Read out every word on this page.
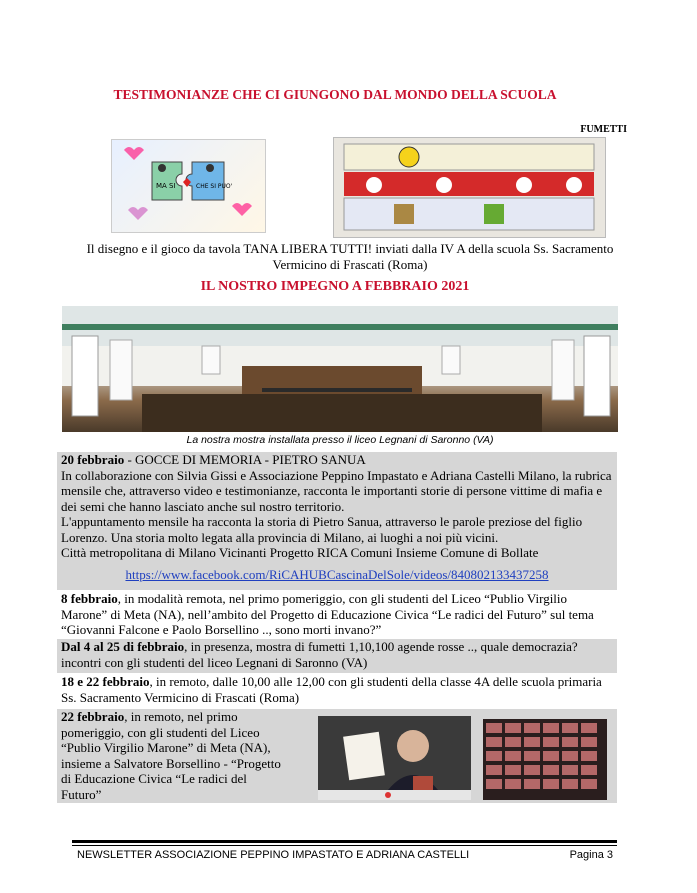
TESTIMONIANZE CHE CI GIUNGONO DAL MONDO DELLA SCUOLA
FUMETTI
MA SI	CHE SI PUO'
Il disegno e il gioco da tavola TANA LIBERA TUTTI! inviati dalla IV A della scuola Ss. Sacramento Vermicino di Frascati (Roma)
IL NOSTRO IMPEGNO A FEBBRAIO 2021
La nostra mostra installata presso il liceo Legnani di Saronno (VA)
20 febbraio - GOCCE DI MEMORIA - PIETRO SANUA
In collaborazione con Silvia Gissi e Associazione Peppino Impastato e Adriana Castelli Milano, la rubrica mensile che, attraverso video e testimonianze, racconta le importanti storie di persone vittime di mafia e dei semi che hanno lasciato anche sul nostro territorio.
L'appuntamento mensile ha racconta la storia di Pietro Sanua, attraverso le parole preziose del figlio Lorenzo. Una storia molto legata alla provincia di Milano, ai luoghi a noi più vicini.
Città metropolitana di Milano Vicinanti Progetto RICA Comuni Insieme Comune di Bollate
https://www.facebook.com/RiCAHUBCascinaDelSole/videos/840802133437258
8 febbraio, in modalità remota, nel primo pomeriggio, con gli studenti del Liceo “Publio Virgilio Marone” di Meta (NA), nell’ambito del Progetto di Educazione Civica “Le radici del Futuro” sul tema “Giovanni Falcone e Paolo Borsellino .., sono morti invano?”
Dal 4 al 25 di febbraio, in presenza, mostra di fumetti 1,10,100 agende rosse .., quale democrazia? incontri con gli studenti del liceo Legnani di Saronno (VA)
18 e 22 febbraio, in remoto, dalle 10,00 alle 12,00 con gli studenti della classe 4A delle scuola primaria Ss. Sacramento Vermicino di Frascati (Roma)
22 febbraio, in remoto, nel primo pomeriggio, con gli studenti del Liceo “Publio Virgilio Marone” di Meta (NA), insieme a Salvatore Borsellino - “Progetto di Educazione Civica “Le radici del Futuro”
NEWSLETTER ASSOCIAZIONE PEPPINO IMPASTATO E ADRIANA CASTELLI	Pagina 3
